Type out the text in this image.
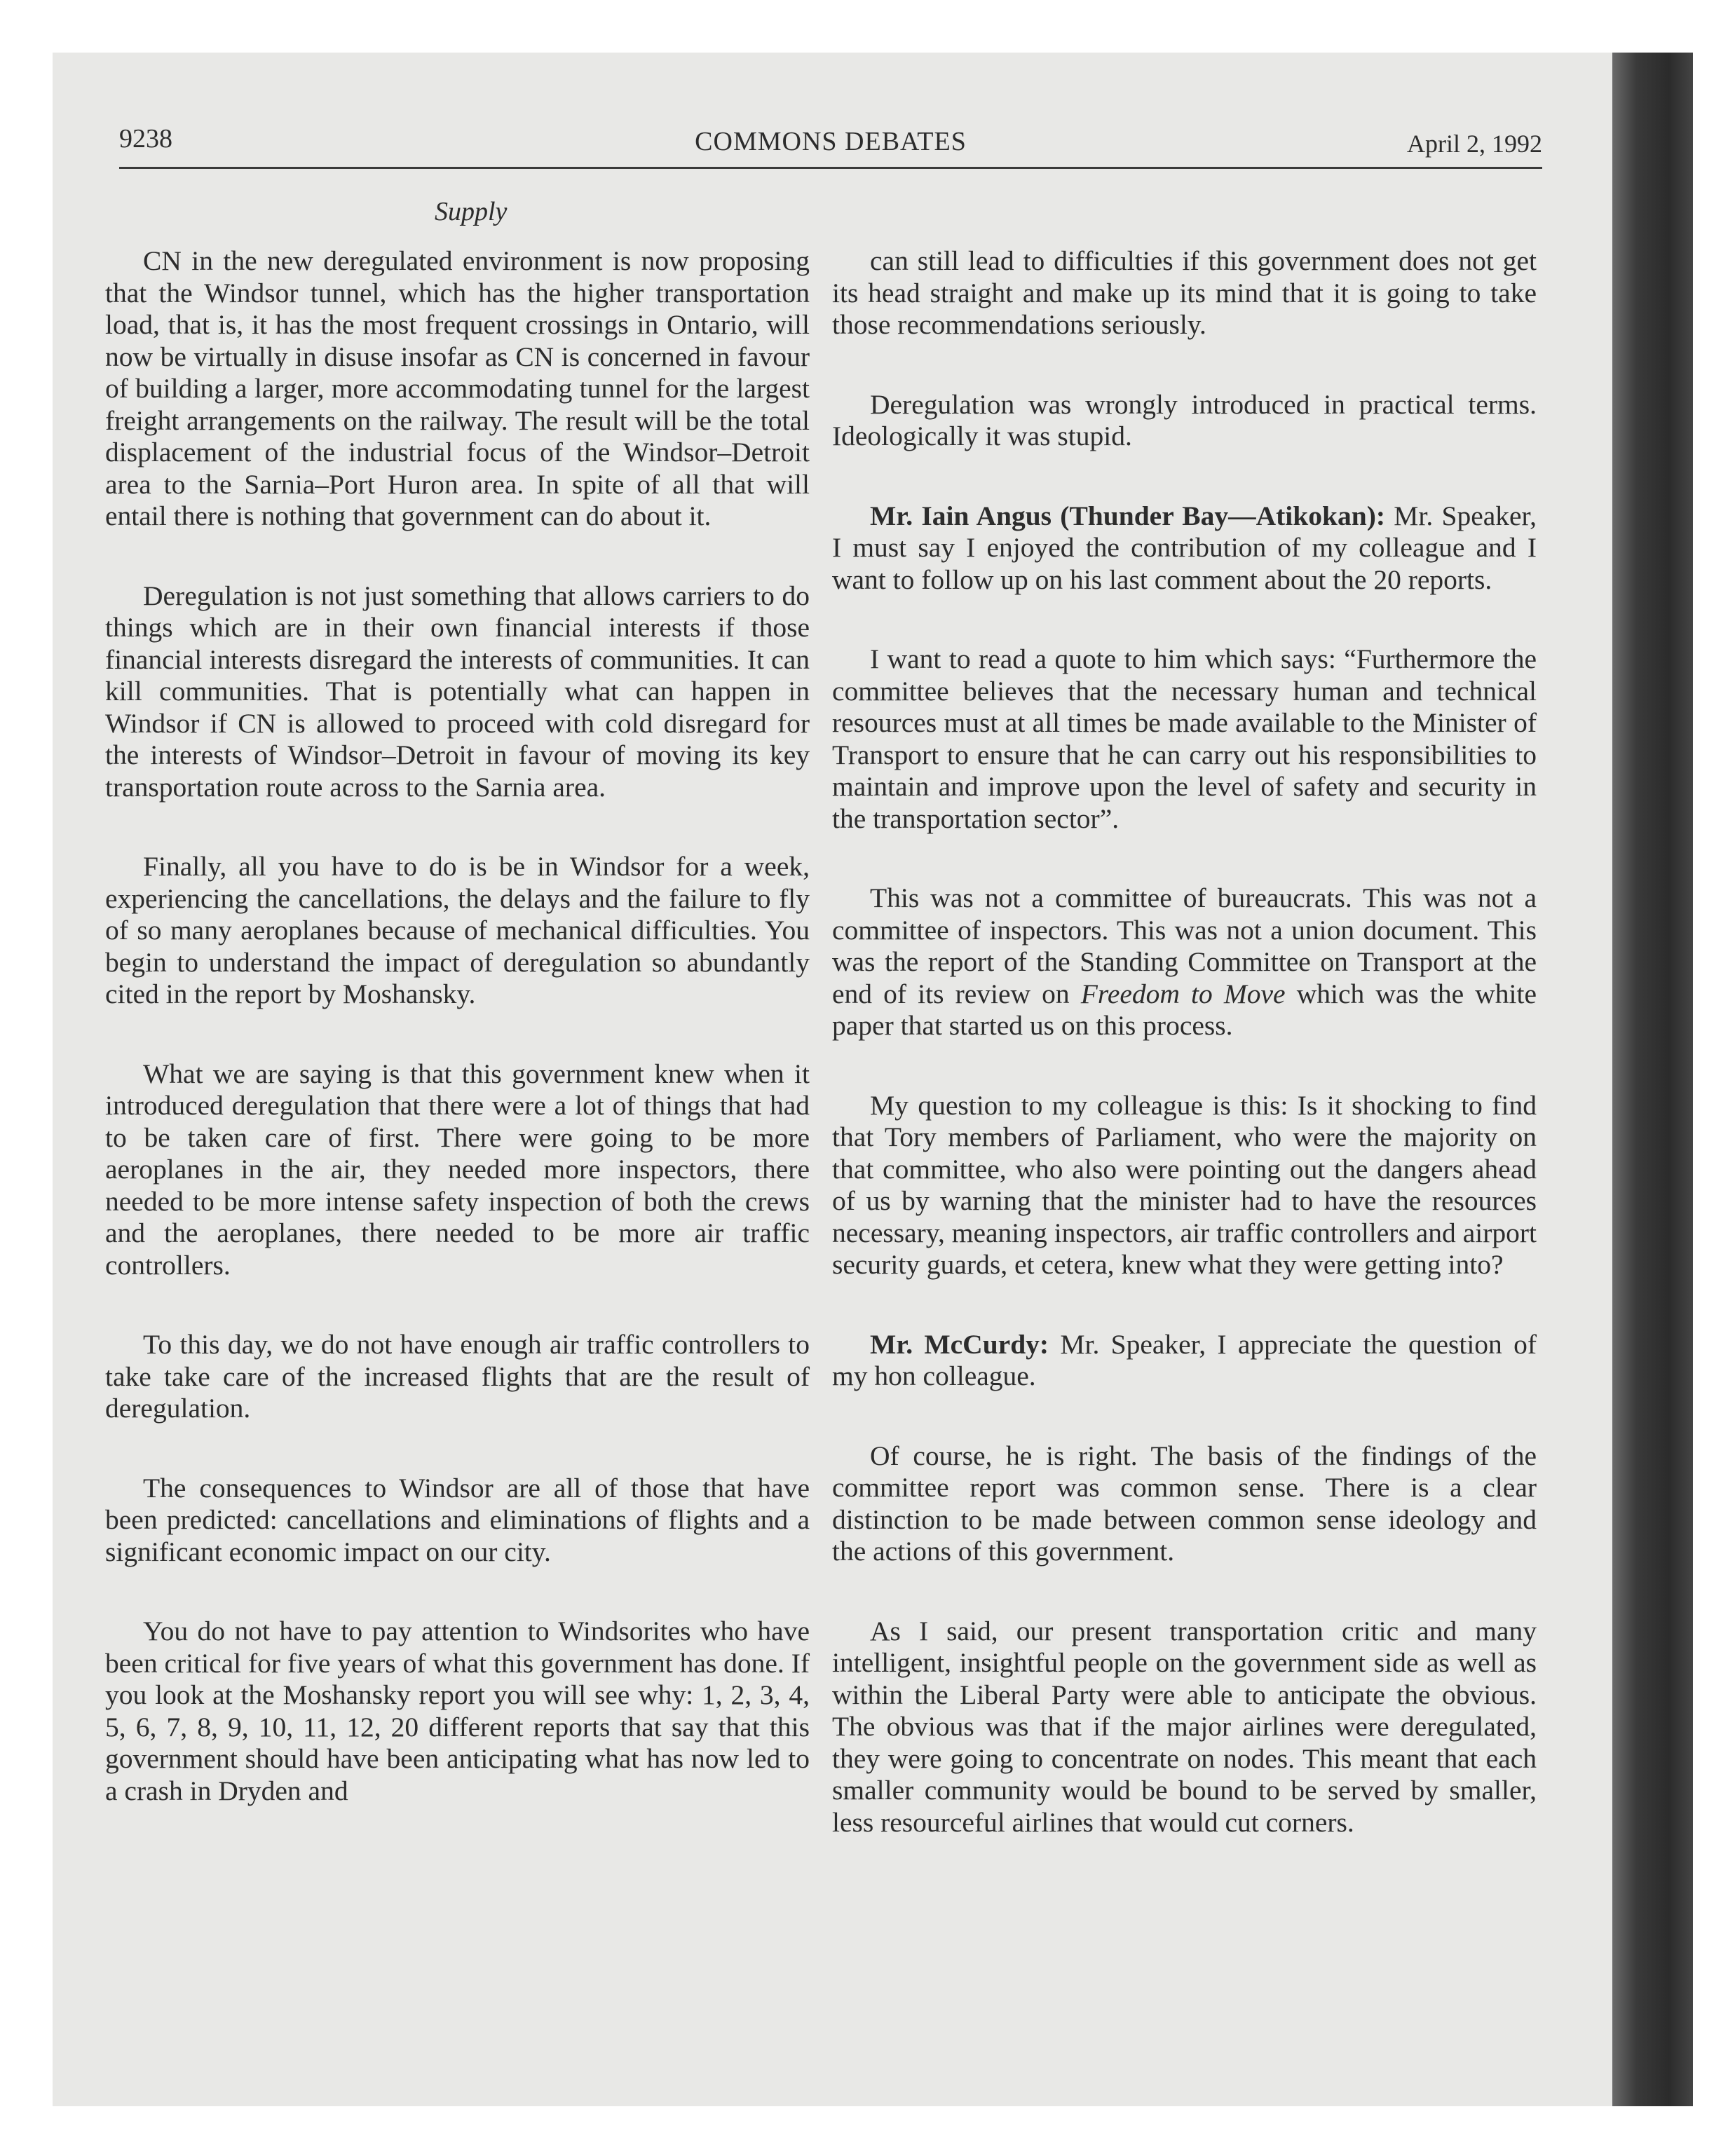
9238	COMMONS DEBATES	April 2, 1992
Supply

CN in the new deregulated environment is now proposing that the Windsor tunnel, which has the higher transportation load, that is, it has the most frequent crossings in Ontario, will now be virtually in disuse insofar as CN is concerned in favour of building a larger, more accommodating tunnel for the largest freight arrangements on the railway. The result will be the total displacement of the industrial focus of the Windsor–Detroit area to the Sarnia–Port Huron area. In spite of all that will entail there is nothing that government can do about it.

Deregulation is not just something that allows carriers to do things which are in their own financial interests if those financial interests disregard the interests of communities. It can kill communities. That is potentially what can happen in Windsor if CN is allowed to proceed with cold disregard for the interests of Windsor–Detroit in favour of moving its key transportation route across to the Sarnia area.

Finally, all you have to do is be in Windsor for a week, experiencing the cancellations, the delays and the failure to fly of so many aeroplanes because of mechanical difficulties. You begin to understand the impact of deregulation so abundantly cited in the report by Moshansky.

What we are saying is that this government knew when it introduced deregulation that there were a lot of things that had to be taken care of first. There were going to be more aeroplanes in the air, they needed more inspectors, there needed to be more intense safety inspection of both the crews and the aeroplanes, there needed to be more air traffic controllers.

To this day, we do not have enough air traffic controllers to take take care of the increased flights that are the result of deregulation.

The consequences to Windsor are all of those that have been predicted: cancellations and eliminations of flights and a significant economic impact on our city.

You do not have to pay attention to Windsorites who have been critical for five years of what this government has done. If you look at the Moshansky report you will see why: 1, 2, 3, 4, 5, 6, 7, 8, 9, 10, 11, 12, 20 different reports that say that this government should have been anticipating what has now led to a crash in Dryden and

can still lead to difficulties if this government does not get its head straight and make up its mind that it is going to take those recommendations seriously.

Deregulation was wrongly introduced in practical terms. Ideologically it was stupid.

Mr. Iain Angus (Thunder Bay—Atikokan): Mr. Speaker, I must say I enjoyed the contribution of my colleague and I want to follow up on his last comment about the 20 reports.

I want to read a quote to him which says: “Furthermore the committee believes that the necessary human and technical resources must at all times be made available to the Minister of Transport to ensure that he can carry out his responsibilities to maintain and improve upon the level of safety and security in the transportation sector”.

This was not a committee of bureaucrats. This was not a committee of inspectors. This was not a union document. This was the report of the Standing Committee on Transport at the end of its review on Freedom to Move which was the white paper that started us on this process.

My question to my colleague is this: Is it shocking to find that Tory members of Parliament, who were the majority on that committee, who also were pointing out the dangers ahead of us by warning that the minister had to have the resources necessary, meaning inspectors, air traffic controllers and airport security guards, et cetera, knew what they were getting into?

Mr. McCurdy: Mr. Speaker, I appreciate the question of my hon colleague.

Of course, he is right. The basis of the findings of the committee report was common sense. There is a clear distinction to be made between common sense ideology and the actions of this government.

As I said, our present transportation critic and many intelligent, insightful people on the government side as well as within the Liberal Party were able to anticipate the obvious. The obvious was that if the major airlines were deregulated, they were going to concentrate on nodes. This meant that each smaller community would be bound to be served by smaller, less resourceful airlines that would cut corners.
